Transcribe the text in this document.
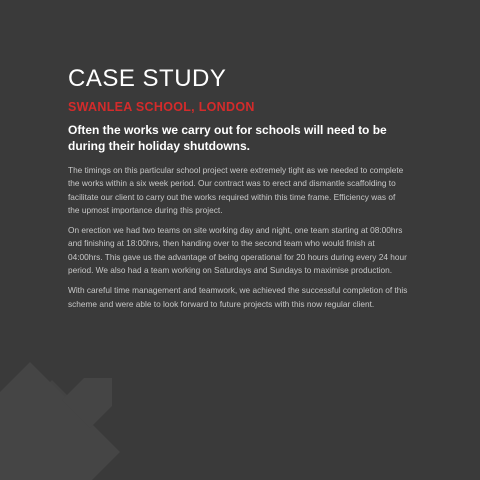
CASE STUDY
SWANLEA SCHOOL, LONDON

Often the works we carry out for schools will need to be during their holiday shutdowns.

The timings on this particular school project were extremely tight as we needed to complete the works within a six week period. Our contract was to erect and dismantle scaffolding to facilitate our client to carry out the works required within this time frame. Efficiency was of the upmost importance during this project.

On erection we had two teams on site working day and night, one team starting at 08:00hrs and finishing at 18:00hrs, then handing over to the second team who would finish at 04:00hrs. This gave us the advantage of being operational for 20 hours during every 24 hour period. We also had a team working on Saturdays and Sundays to maximise production.

With careful time management and teamwork, we achieved the successful completion of this scheme and were able to look forward to future projects with this now regular client.
